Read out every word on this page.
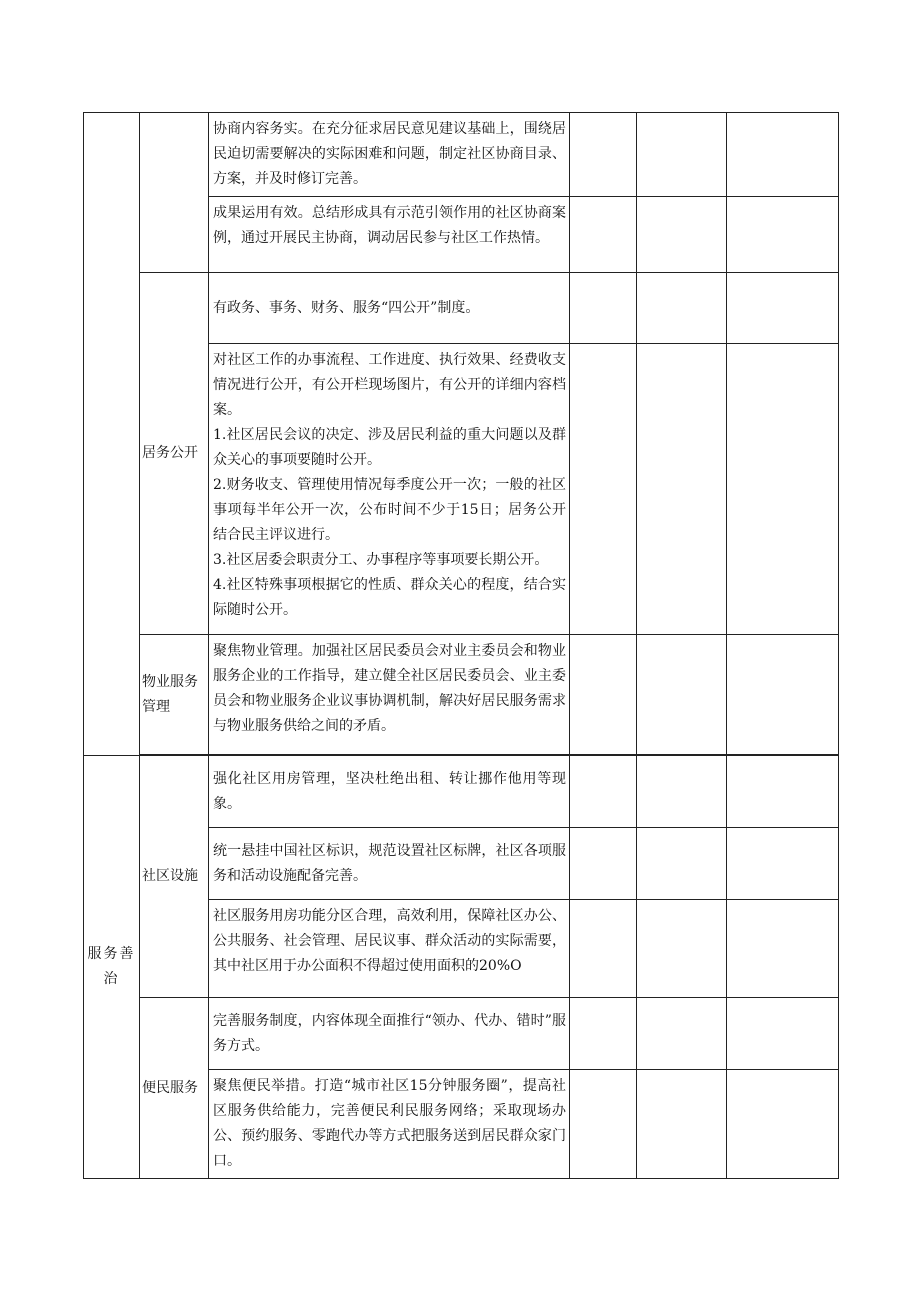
		协商内容务实。在充分征求居民意见建议基础上，围绕居民迫切需要解决的实际困难和问题，制定社区协商目录、方案，并及时修订完善。			
		成果运用有效。总结形成具有示范引领作用的社区协商案例，通过开展民主协商，调动居民参与社区工作热情。			
	居务公开	有政务、事务、财务、服务“四公开”制度。			

		对社区工作的办事流程、工作进度、执行效果、经费收支情况进行公开，有公开栏现场图片，有公开的详细内容档案。
1.社区居民会议的决定、涉及居民利益的重大问题以及群众关心的事项要随时公开。
2.财务收支、管理使用情况每季度公开一次；一般的社区事项每半年公开一次，公布时间不少于15日；居务公开结合民主评议进行。
3.社区居委会职责分工、办事程序等事项要长期公开。
4.社区特殊事项根据它的性质、群众关心的程度，结合实际随时公开。			

	物业服务管理	聚焦物业管理。加强社区居民委员会对业主委员会和物业服务企业的工作指导，建立健全社区居民委员会、业主委员会和物业服务企业议事协调机制，解决好居民服务需求与物业服务供给之间的矛盾。			

服务善治	社区设施	强化社区用房管理，坚决杜绝出租、转让挪作他用等现象。			
		统一悬挂中国社区标识，规范设置社区标牌，社区各项服务和活动设施配备完善。			
		社区服务用房功能分区合理，高效利用，保障社区办公、公共服务、社会管理、居民议事、群众活动的实际需要，其中社区用于办公面积不得超过使用面积的20%O			
	便民服务	完善服务制度，内容体现全面推行“领办、代办、错时”服务方式。			
		聚焦便民举措。打造“城市社区15分钟服务圈”，提高社区服务供给能力，完善便民利民服务网络；采取现场办公、预约服务、零跑代办等方式把服务送到居民群众家门口。			
